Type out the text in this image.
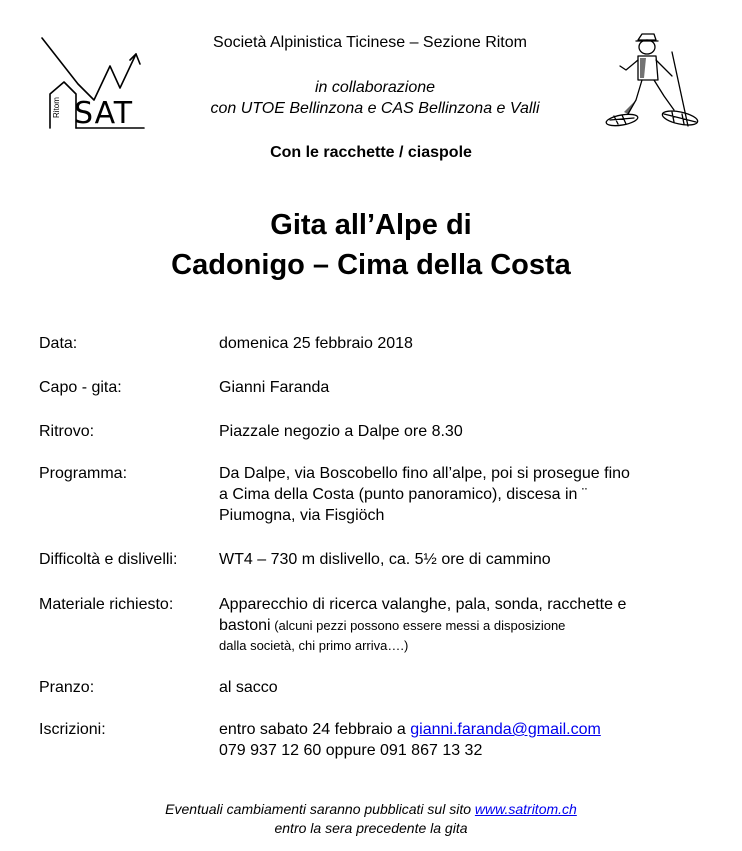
Ritom SAT
Società Alpinistica Ticinese – Sezione Ritom
in collaborazione
con UTOE Bellinzona e CAS Bellinzona e Valli
Con le racchette / ciaspole
Gita all’Alpe di
Cadonigo – Cima della Costa
Data:	domenica 25 febbraio 2018
Capo - gita:	Gianni Faranda
Ritrovo:	Piazzale negozio a Dalpe ore 8.30
Programma:	Da Dalpe, via Boscobello fino all’alpe, poi si prosegue fino
a Cima della Costa (punto panoramico), discesa in ¨
Piumogna, via Fisgiöch
Difficoltà e dislivelli:	WT4 – 730 m dislivello, ca. 5½ ore di cammino
Materiale richiesto:	Apparecchio di ricerca valanghe, pala, sonda, racchette e
bastoni (alcuni pezzi possono essere messi a disposizione
dalla società, chi primo arriva….)
Pranzo:	al sacco
Iscrizioni:	entro sabato 24 febbraio a gianni.faranda@gmail.com
079 937 12 60 oppure 091 867 13 32
Eventuali cambiamenti saranno pubblicati sul sito www.satritom.ch
entro la sera precedente la gita
